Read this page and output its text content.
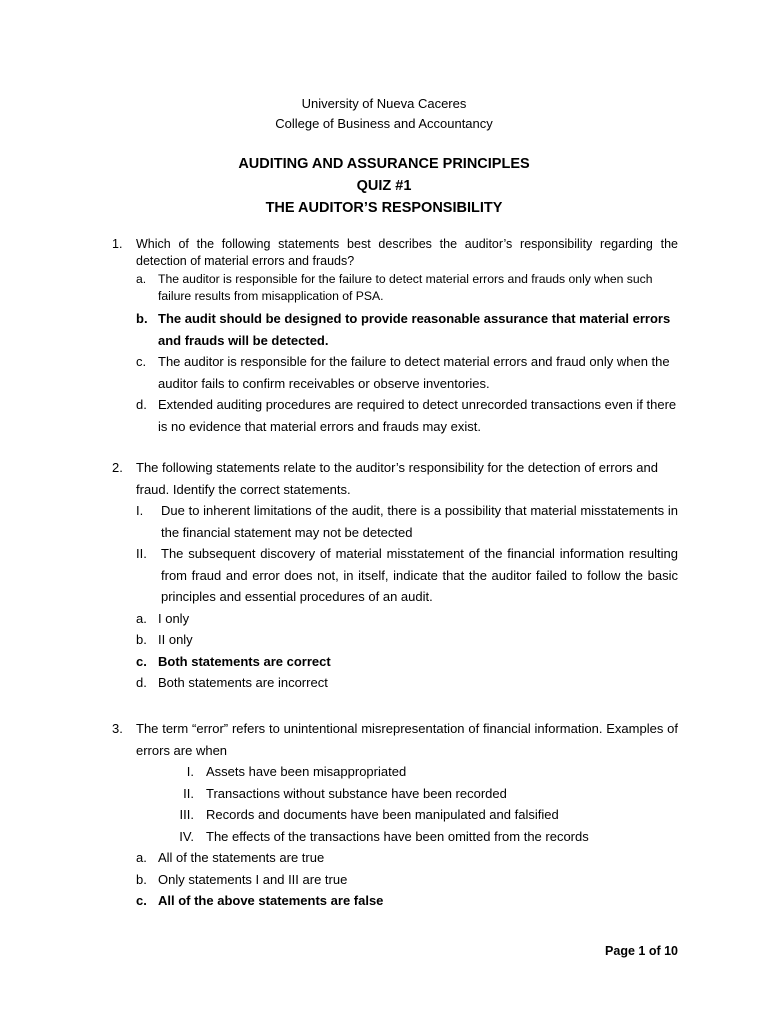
University of Nueva Caceres
College of Business and Accountancy
AUDITING AND ASSURANCE PRINCIPLES
QUIZ #1
THE AUDITOR’S RESPONSIBILITY
1. Which of the following statements best describes the auditor’s responsibility regarding the detection of material errors and frauds?
a. The auditor is responsible for the failure to detect material errors and frauds only when such failure results from misapplication of PSA.
b. The audit should be designed to provide reasonable assurance that material errors and frauds will be detected.
c. The auditor is responsible for the failure to detect material errors and fraud only when the auditor fails to confirm receivables or observe inventories.
d. Extended auditing procedures are required to detect unrecorded transactions even if there is no evidence that material errors and frauds may exist.
2. The following statements relate to the auditor’s responsibility for the detection of errors and fraud. Identify the correct statements.
I. Due to inherent limitations of the audit, there is a possibility that material misstatements in the financial statement may not be detected
II. The subsequent discovery of material misstatement of the financial information resulting from fraud and error does not, in itself, indicate that the auditor failed to follow the basic principles and essential procedures of an audit.
a. I only
b. II only
c. Both statements are correct
d. Both statements are incorrect
3. The term “error” refers to unintentional misrepresentation of financial information. Examples of errors are when
I. Assets have been misappropriated
II. Transactions without substance have been recorded
III. Records and documents have been manipulated and falsified
IV. The effects of the transactions have been omitted from the records
a. All of the statements are true
b. Only statements I and III are true
c. All of the above statements are false
Page 1 of 10
